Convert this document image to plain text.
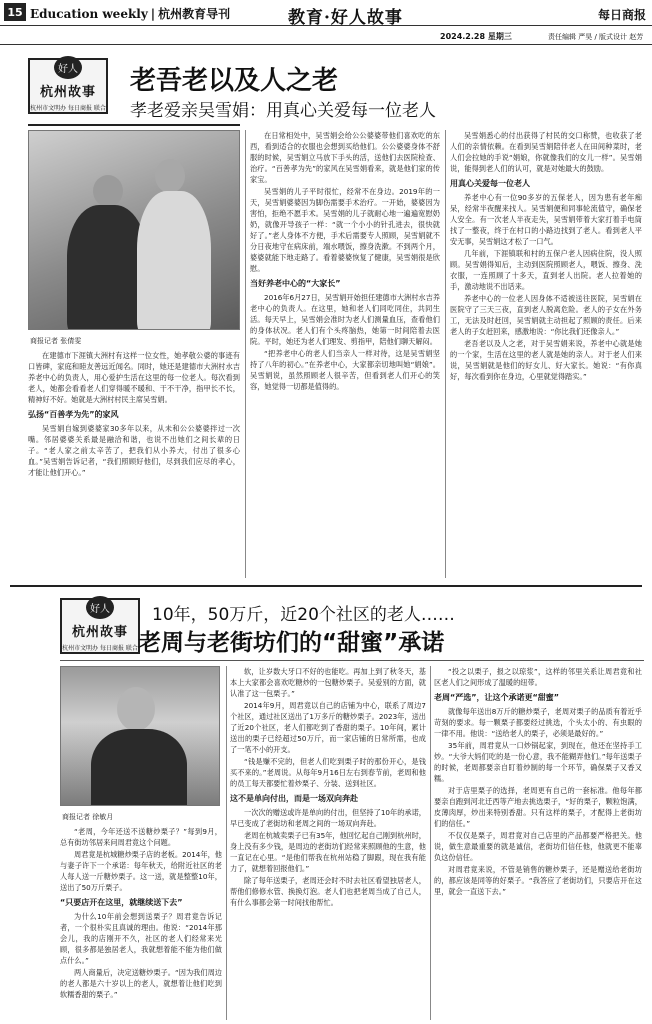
15 Education weekly | 杭州教育导刊	教育·好人故事	每日商报
2024.2.28 星期三	责任编辑 严昊 / 版式设计 赵芳
好人
杭州故事
杭州市文明办 每日商报 联合
老吾老以及人之老
孝老爱亲吴雪娟：用真心关爱每一位老人
商报记者 张倩雯

在建德市下涯镇大洲村有这样一位女性，她孝敬公婆的事迹有口皆碑，家庭和睦友善远近闻名。同时，她还是建德市大洲村水吉养老中心的负责人，用心爱护生活在这里的每一位老人。每次看到老人，她都会看看老人们穿得暖不暖和、干不干净，指甲长不长，精神好不好。她就是大洲村村民主席吴雪娟。

弘扬“百善孝为先”的家风

吴雪娟自嫁到婆婆家30多年以来，从未和公公婆婆拌过一次嘴。邻居婆婆关系最是融洽和谐，也说不出她们之间长辈的日子。“老人家之前太辛苦了，把我们从小养大，付出了很多心血。”吴雪娟告诉记者，“我们照顾好他们，尽到我们应尽的孝心，才能让他们开心。”

在日常相处中，吴雪娟会给公公婆婆带他们喜欢吃的东西，看到适合的衣服也会想到买给他们。公公婆婆身体不舒服的时候，吴雪娟立马放下手头的活，送他们去医院检查、治疗。“百善孝为先”的家风在吴雪娟看来，就是他们家的传家宝。

吴雪娟的儿子平时很忙，经常不在身边。2019年的一天，吴雪娟婆婆因为脚伤需要手术治疗。一开始，婆婆因为害怕，拒绝不愿手术。吴雪娟的儿子就耐心地一遍遍宽慰奶奶，就像开导孩子一样：“就一个小小的针孔进去，很快就好了。”老人身体不方便，手术后需要专人照顾，吴雪娟就不分日夜地守在病床前，端水喂饭，擦身洗漱。不到两个月，婆婆就能下地走路了。看着婆婆恢复了健康，吴雪娟很是欣慰。

当好养老中心的“大家长”

2016年6月27日，吴雪娟开始担任建德市大洲村水吉养老中心的负责人。在这里，她和老人们同吃同住，共同生活。每天早上，吴雪娟会准时为老人们测量血压，查看他们的身体状况。老人们有个头疼脑热，她第一时间陪着去医院。平时，她还为老人们理发、剪指甲，陪他们聊天解闷。

“把养老中心的老人们当亲人一样对待，这是吴雪娟坚持了八年的初心。”在养老中心，大家都亲切地叫她“娟娘”。吴雪娟说，虽然照顾老人很辛苦，但看到老人们开心的笑容，她觉得一切都是值得的。

吴雪娟悉心的付出获得了村民的交口称赞，也收获了老人们的亲情依赖。在看到吴雪娟陪伴老人在田间种菜时，老人们会拉她的手说“娟娘，你就像我们的女儿一样”。吴雪娟说，能得到老人们的认可，就是对她最大的鼓励。

用真心关爱每一位老人

养老中心有一位90多岁的五保老人，因为患有老年痴呆，经常半夜醒来找人。吴雪娟便和同事轮流值守，确保老人安全。有一次老人半夜走失，吴雪娟带着大家打着手电筒找了一整夜，终于在村口的小路边找到了老人。看到老人平安无事，吴雪娟这才松了一口气。

几年前，下涯镇联和村的五保户老人因病住院，没人照顾。吴雪娟得知后，主动到医院照顾老人，喂饭、擦身、洗衣服，一连照顾了十多天，直到老人出院。老人拉着她的手，激动地说不出话来。

养老中心的一位老人因身体不适被送往医院，吴雪娟在医院守了三天三夜，直到老人脱离危险。老人的子女在外务工，无法及时赶回，吴雪娟就主动担起了照顾的责任。后来老人的子女赶回来，感激地说：“你比我们还像亲人。”

老吾老以及人之老，对于吴雪娟来说，养老中心就是她的一个家，生活在这里的老人就是她的亲人。对于老人们来说，吴雪娟就是他们的好女儿、好大家长。她说：“有你真好，每次看到你在身边，心里就觉得踏实。”

好人
杭州故事
杭州市文明办 每日商报 联合
10年，50万斤，近20个社区的老人……
老周与老街坊们的“甜蜜”承诺
商报记者 徐敏月

“老周，今年还送不送糖炒栗子？”每到9月，总有街坊邻居来问周君竟这个问题。

周君竟是杭城糖炒栗子店的老板。2014年，他与妻子许下一个承诺：每年秋天，给附近社区的老人每人送一斤糖炒栗子。这一送，就是整整10年，送出了50万斤栗子。

“只要店开在这里，就继续送下去”

为什么10年前会想到送栗子？周君竟告诉记者，一个很朴实且真诚的理由。他说：“2014年那会儿，我的店刚开不久，社区的老人们经常来光顾，很多都是独居老人，我就想着能不能为他们做点什么。”

两人商量后，决定送糖炒栗子。“因为我们周边的老人都是六十岁以上的老人，就想着让他们吃到软糯香甜的栗子。”

软，让岁数大牙口不好的也能吃。再加上到了秋冬天，基本上大家都会喜欢吃糖炒的一包糖炒栗子。吴爱别的方面，就认准了这一包栗子。”

2014年9月，周君竟以自己的店铺为中心，联系了周边7个社区，通过社区送出了1万多斤的糖炒栗子。2023年，送出了近20个社区，老人们都吃到了香甜的栗子。10年间，累计送出的栗子已经超过50万斤，而一家店铺的日常所需，也成了一笔不小的开支。

“钱是赚不完的，但老人们吃到栗子时的那份开心，是钱买不来的。”老周说。从每年9月16日左右到春节前，老周和他的员工每天都要忙着炒栗子、分装、送到社区。

这不是单向付出，而是一场双向奔赴

一次次的赠送或许是单向的付出，但坚持了10年的承诺，早已变成了老街坊和老周之间的一场双向奔赴。

老周在杭城卖栗子已有35年，他回忆起自己刚到杭州时，身上没有多少钱，是周边的老街坊们经常来照顾他的生意，他一直记在心里。“是他们帮我在杭州站稳了脚跟，现在我有能力了，就想着回报他们。”

除了每年送栗子，老周还会时不时去社区看望独居老人，帮他们修修水管、换换灯泡。老人们也把老周当成了自己人，有什么事都会第一时间找他帮忙。

“投之以栗子，报之以琼浆”，这样的邻里关系让周君竟和社区老人们之间形成了温暖的纽带。

老周“严选”，让这个承诺更“甜蜜”

就像每年送出8万斤的糖炒栗子，老周对栗子的品质有着近乎苛刻的要求。每一颗栗子都要经过挑选，个头太小的、有虫眼的一律不用。他说：“送给老人的栗子，必须是最好的。”

35年前，周君竟从一口炒锅起家，到现在，他还在坚持手工炒。“大爷大妈们吃的是一份心意，我不能糊弄他们。”每年送栗子的时候，老周都要亲自盯着炒制的每一个环节，确保栗子又香又糯。

对于店里栗子的选择，老周更有自己的一套标准。他每年都要亲自跑到河北迁西等产地去挑选栗子，“好的栗子，颗粒饱满，皮薄肉厚，炒出来特别香甜。只有这样的栗子，才配得上老街坊们的信任。”

不仅仅是栗子，周君竟对自己店里的产品都要严格把关。他说，做生意最重要的就是诚信，老街坊们信任他，他就更不能辜负这份信任。

对周君竟来说，不管是销售的糖炒栗子，还是赠送给老街坊的，都应该是同等的好栗子。“我答应了老街坊们，只要店开在这里，就会一直送下去。”
